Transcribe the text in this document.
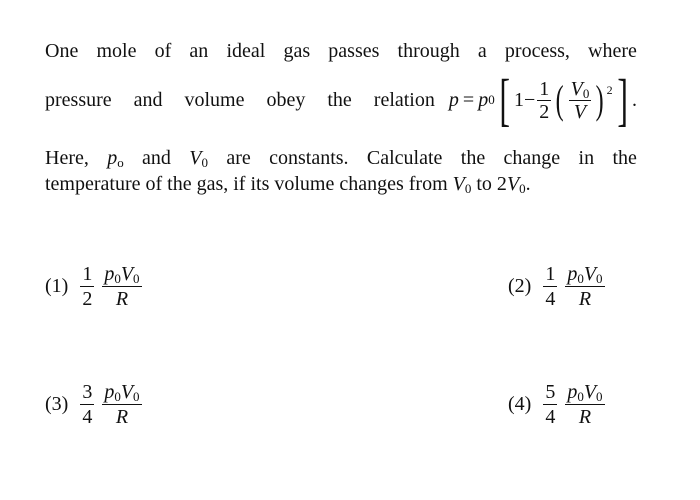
One mole of an ideal gas passes through a process, where
pressure and volume obey the relation p = p 0 [ $1 - \frac{1}{2}$ ( $\frac{V_0}{V}$ ) 2 ] .
Here, $p_o$ and $V_0$ are constants. Calculate the change in the
temperature of the gas, if its volume changes from $V_0$ to $2V_0$.
$(1) \frac{1}{2} \frac{p_0V_0}{R}$	$(2) \frac{1}{4} \frac{p_0V_0}{R}$
$(3) \frac{3}{4} \frac{p_0V_0}{R}$	$(4) \frac{5}{4} \frac{p_0V_0}{R}$
